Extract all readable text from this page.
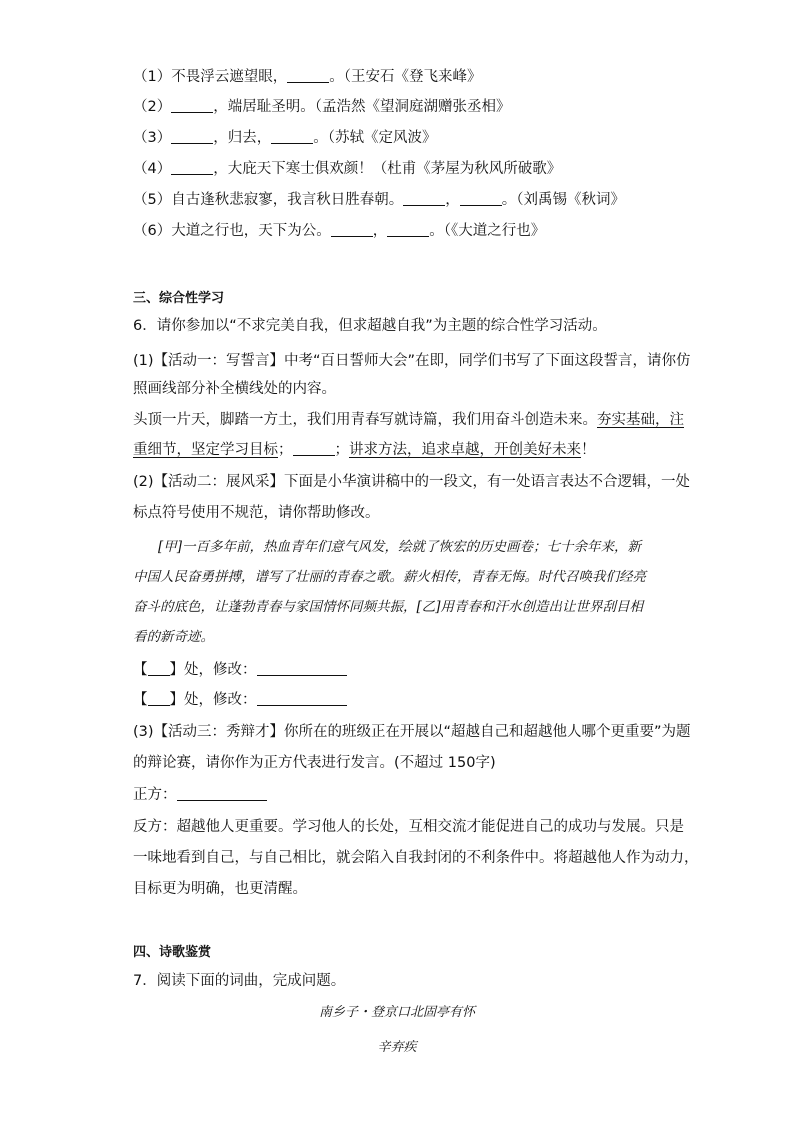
（1）不畏浮云遮望眼，	。（王安石《登飞来峰》
（2）	，端居耻圣明。（孟浩然《望洞庭湖赠张丞相》
（3）	，归去，	。（苏轼《定风波》
（4）	，大庇天下寒士俱欢颜！（杜甫《茅屋为秋风所破歌》
（5）自古逢秋悲寂寥，我言秋日胜春朝。	，	。（刘禹锡《秋词》
（6）大道之行也，天下为公。	，	。（《大道之行也》
三、综合性学习
6．请你参加以“不求完美自我，但求超越自我”为主题的综合性学习活动。
(1)【活动一：写誓言】中考“百日誓师大会”在即，同学们书写了下面这段誓言，请你仿
照画线部分补全横线处的内容。
头顶一片天，脚踏一方土，我们用青春写就诗篇，我们用奋斗创造未来。夯实基础，注
重细节，坚定学习目标；	；讲求方法，追求卓越，开创美好未来！
(2)【活动二：展风采】下面是小华演讲稿中的一段文，有一处语言表达不合逻辑，一处
标点符号使用不规范，请你帮助修改。
[甲]一百多年前，热血青年们意气风发，绘就了恢宏的历史画卷；七十余年来，新
中国人民奋勇拼搏，谱写了壮丽的青春之歌。薪火相传，青春无悔。时代召唤我们经亮
奋斗的底色，让蓬勃青春与家国情怀同频共振，[乙]用青春和汗水创造出让世界刮目相
看的新奇迹。
【 】处，修改：
【 】处，修改：
(3)【活动三：秀辩才】你所在的班级正在开展以“超越自己和超越他人哪个更重要”为题
的辩论赛，请你作为正方代表进行发言。(不超过 150字)
正方：
反方：超越他人更重要。学习他人的长处，互相交流才能促进自己的成功与发展。只是
一味地看到自己，与自己相比，就会陷入自我封闭的不利条件中。将超越他人作为动力，
目标更为明确，也更清醒。
四、诗歌鉴赏
7．阅读下面的词曲，完成问题。
南乡子・登京口北固亭有怀
辛弃疾
